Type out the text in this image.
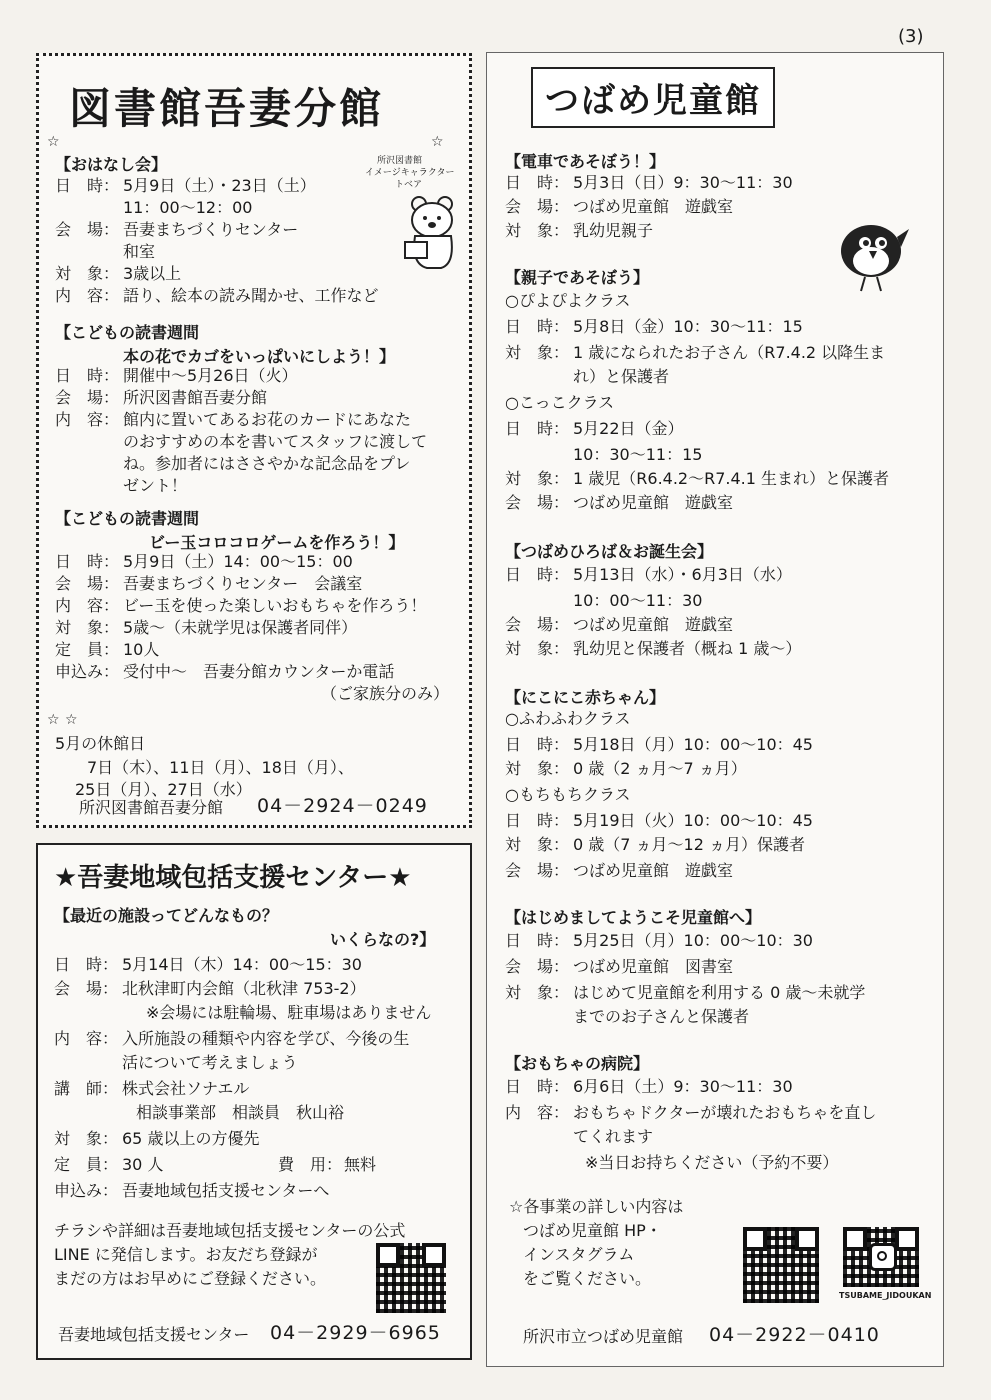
(3)
図書館吾妻分館
☆	☆
所沢図書館
イメージキャラクター
トベア
【おはなし会】
日　時： 5月9日（土）・23日（土）
11：00～12：00
会　場： 吾妻まちづくりセンター
和室
対　象： 3歳以上
内　容： 語り、絵本の読み聞かせ、工作など
【こどもの読書週間
本の花でカゴをいっぱいにしよう！】
日　時： 開催中～5月26日（火）
会　場： 所沢図書館吾妻分館
内　容： 館内に置いてあるお花のカードにあなた
のおすすめの本を書いてスタッフに渡して
ね。参加者にはささやかな記念品をプレ
ゼント！
【こどもの読書週間
ビー玉コロコロゲームを作ろう！】
日　時： 5月9日（土）14：00～15：00
会　場： 吾妻まちづくりセンター　会議室
内　容： ビー玉を使った楽しいおもちゃを作ろう！
対　象： 5歳～（未就学児は保護者同伴）
定　員： 10人
申込み： 受付中～　吾妻分館カウンターか電話
（ご家族分のみ）
☆ ☆
5月の休館日
7日（木）、11日（月）、18日（月）、
25日（月）、27日（水）
所沢図書館吾妻分館 04－2924－0249
★吾妻地域包括支援センター★
【最近の施設ってどんなもの？
いくらなの?】
日　時： 5月14日（木）14：00～15：30
会　場： 北秋津町内会館（北秋津 753-2）
※会場には駐輪場、駐車場はありません
内　容： 入所施設の種類や内容を学び、今後の生
活について考えましょう
講　師： 株式会社ソナエル
相談事業部　相談員　秋山裕
対　象： 65 歳以上の方優先
定　員： 30 人	費　用： 無料
申込み： 吾妻地域包括支援センターへ
チラシや詳細は吾妻地域包括支援センターの公式
LINE に発信します。お友だち登録が
まだの方はお早めにご登録ください。
吾妻地域包括支援センター 04－2929－6965
つばめ児童館
【電車であそぼう！】
日　時： 5月3日（日）9：30～11：30
会　場： つばめ児童館　遊戯室
対　象： 乳幼児親子
【親子であそぼう】
○ぴよぴよクラス
日　時： 5月8日（金）10：30～11：15
対　象： 1 歳になられたお子さん（R7.4.2 以降生ま
れ）と保護者
○こっこクラス
日　時： 5月22日（金）
10：30～11：15
対　象： 1 歳児（R6.4.2～R7.4.1 生まれ）と保護者
会　場： つばめ児童館　遊戯室
【つばめひろば＆お誕生会】
日　時： 5月13日（水）・6月3日（水）
10：00～11：30
会　場： つばめ児童館　遊戯室
対　象： 乳幼児と保護者（概ね 1 歳～）
【にこにこ赤ちゃん】
○ふわふわクラス
日　時： 5月18日（月）10：00～10：45
対　象： 0 歳（2 ヵ月～7 ヵ月）
○もちもちクラス
日　時： 5月19日（火）10：00～10：45
対　象： 0 歳（7 ヵ月～12 ヵ月）保護者
会　場： つばめ児童館　遊戯室
【はじめましてようこそ児童館へ】
日　時： 5月25日（月）10：00～10：30
会　場： つばめ児童館　図書室
対　象： はじめて児童館を利用する 0 歳～未就学
までのお子さんと保護者
【おもちゃの病院】
日　時： 6月6日（土）9：30～11：30
内　容： おもちゃドクターが壊れたおもちゃを直し
てくれます
※当日お持ちください（予約不要）
☆各事業の詳しい内容は
つばめ児童館 HP・
インスタグラム
をご覧ください。
TSUBAME_JIDOUKAN
所沢市立つばめ児童館 04－2922－0410
